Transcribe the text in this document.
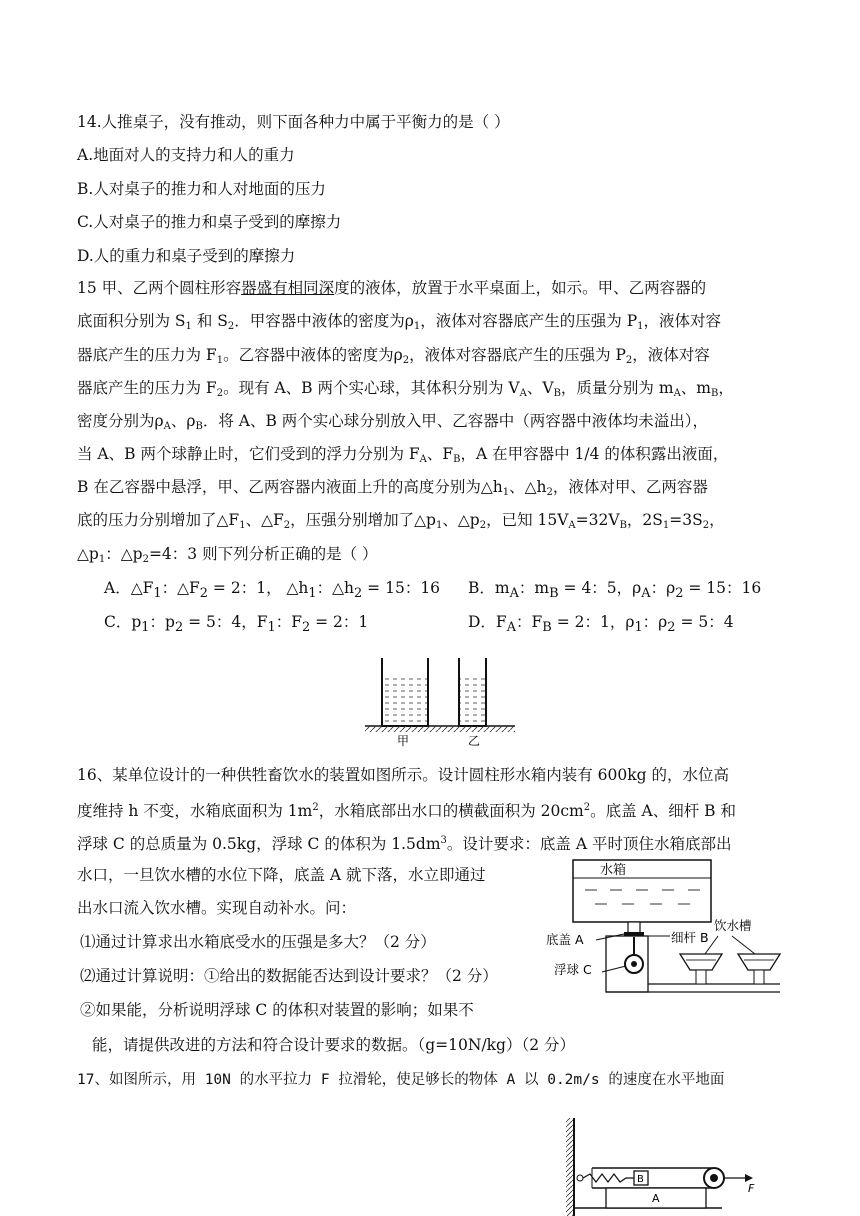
14.人推桌子，没有推动，则下面各种力中属于平衡力的是（ ）
A.地面对人的支持力和人的重力
B.人对桌子的推力和人对地面的压力
C.人对桌子的推力和桌子受到的摩擦力
D.人的重力和桌子受到的摩擦力
15 甲、乙两个圆柱形容器盛有相同深度的液体，放置于水平桌面上，如示。甲、乙两容器的
底面积分别为 $S_1$ 和 $S_2$．甲容器中液体的密度为$\rho_1$，液体对容器底产生的压强为 $P_1$，液体对容
器底产生的压力为 $F_1$。乙容器中液体的密度为$\rho_2$，液体对容器底产生的压强为 $P_2$，液体对容
器底产生的压力为 $F_2$。现有 A、B 两个实心球，其体积分别为 $V_A$、$V_B$，质量分别为 $m_A$、$m_B$，
密度分别为$\rho_A$、$\rho_B$．将 A、B 两个实心球分别放入甲、乙容器中（两容器中液体均未溢出），
当 A、B 两个球静止时，它们受到的浮力分别为 $F_A$、$F_B$，A 在甲容器中 1/4 的体积露出液面，
B 在乙容器中悬浮，甲、乙两容器内液面上升的高度分别为$\triangle h_1$、$\triangle h_2$，液体对甲、乙两容器
底的压力分别增加了$\triangle F_1$、$\triangle F_2$，压强分别增加了$\triangle p_1$、$\triangle p_2$，已知 $15V_A=32V_B$，$2S_1=3S_2$，
$\triangle p_1$：$\triangle p_2=4$：3 则下列分析正确的是（ ）
A．$\triangle F_1$：$\triangle F_2 = 2$：1， $\triangle h_1$：$\triangle h_2 = 15$：16 B．$m_A$：$m_B = 4$：5，$\rho_A$：$\rho_2 = 15$：16
C．$p_1$：$p_2 = 5$：4，$F_1$：$F_2 = 2$：1	D．$F_A$：$F_B = 2$：1，$\rho_1$：$\rho_2 = 5$：4
甲	乙
16、某单位设计的一种供牲畜饮水的装置如图所示。设计圆柱形水箱内装有 600kg 的，水位高
度维持 h 不变，水箱底面积为 $1m^2$，水箱底部出水口的横截面积为 $20cm^2$。底盖 A、细杆 B 和
浮球 C 的总质量为 0.5kg，浮球 C 的体积为 $1.5dm^3$。设计要求：底盖 A 平时顶住水箱底部出
水口，一旦饮水槽的水位下降，底盖 A 就下落，水立即通过
出水口流入饮水槽。实现自动补水。问：
⑴通过计算求出水箱底受水的压强是多大？（2 分）
⑵通过计算说明：①给出的数据能否达到设计要求？（2 分）
②如果能，分析说明浮球 C 的体积对装置的影响；如果不
能，请提供改进的方法和符合设计要求的数据。（g=10N/kg）（2 分）
水箱
底盖 A	细杆 B
浮球 C
饮水槽
17、如图所示，用 10N 的水平拉力 F 拉滑轮，使足够长的物体 A 以 0.2m/s 的速度在水平地面
B
A
F
